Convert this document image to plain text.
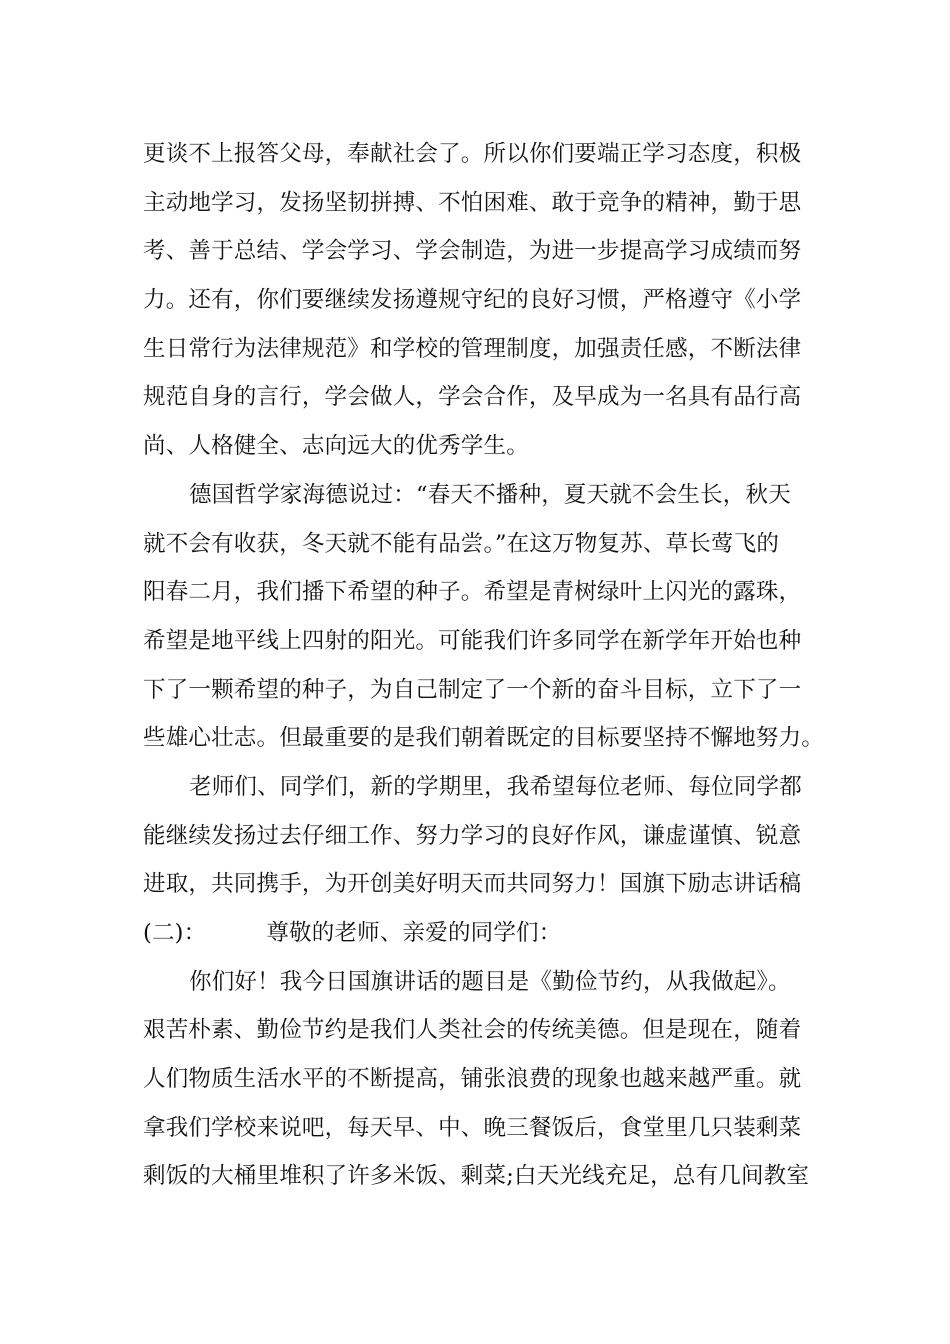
更谈不上报答父母，奉献社会了。所以你们要端正学习态度，积极
主动地学习，发扬坚韧拼搏、不怕困难、敢于竞争的精神，勤于思
考、善于总结、学会学习、学会制造，为进一步提高学习成绩而努
力。还有，你们要继续发扬遵规守纪的良好习惯，严格遵守《小学
生日常行为法律规范》和学校的管理制度，加强责任感，不断法律
规范自身的言行，学会做人，学会合作，及早成为一名具有品行高
尚、人格健全、志向远大的优秀学生。
德国哲学家海德说过：“春天不播种，夏天就不会生长，秋天
就不会有收获，冬天就不能有品尝。”在这万物复苏、草长莺飞的
阳春二月，我们播下希望的种子。希望是青树绿叶上闪光的露珠，
希望是地平线上四射的阳光。可能我们许多同学在新学年开始也种
下了一颗希望的种子，为自己制定了一个新的奋斗目标，立下了一
些雄心壮志。但最重要的是我们朝着既定的目标要坚持不懈地努力。
老师们、同学们，新的学期里，我希望每位老师、每位同学都
能继续发扬过去仔细工作、努力学习的良好作风，谦虚谨慎、锐意
进取，共同携手，为开创美好明天而共同努力！国旗下励志讲话稿
(二)：	尊敬的老师、亲爱的同学们：
你们好！我今日国旗讲话的题目是《勤俭节约，从我做起》。
艰苦朴素、勤俭节约是我们人类社会的传统美德。但是现在，随着
人们物质生活水平的不断提高，铺张浪费的现象也越来越严重。就
拿我们学校来说吧，每天早、中、晚三餐饭后，食堂里几只装剩菜
剩饭的大桶里堆积了许多米饭、剩菜;白天光线充足，总有几间教室
